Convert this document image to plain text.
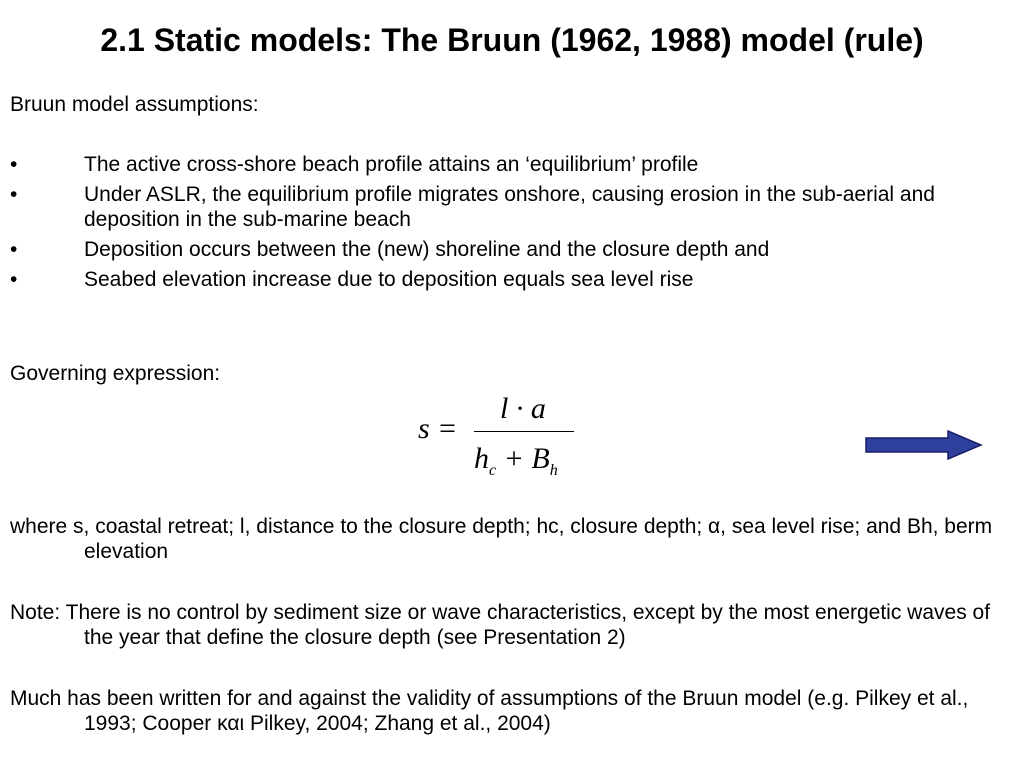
2.1 Static models: The Bruun (1962, 1988) model (rule)

Bruun model assumptions:

•	The active cross-shore beach profile attains an ‘equilibrium’ profile
•	Under ASLR, the equilibrium profile migrates onshore, causing erosion in the sub-aerial and deposition in the sub-marine beach
•	Deposition occurs between the (new) shoreline and the closure depth and
•	Seabed elevation increase due to deposition equals sea level rise

Governing expression:

s =
l · a
$h_c + B_h$

where s, coastal retreat; l, distance to the closure depth; hc, closure depth; α, sea level rise; and Bh, berm elevation

Note: There is no control by sediment size or wave characteristics, except by the most energetic waves of the year that define the closure depth (see Presentation 2)

Much has been written for and against the validity of assumptions of the Bruun model (e.g. Pilkey et al., 1993; Cooper και Pilkey, 2004; Zhang et al., 2004)
